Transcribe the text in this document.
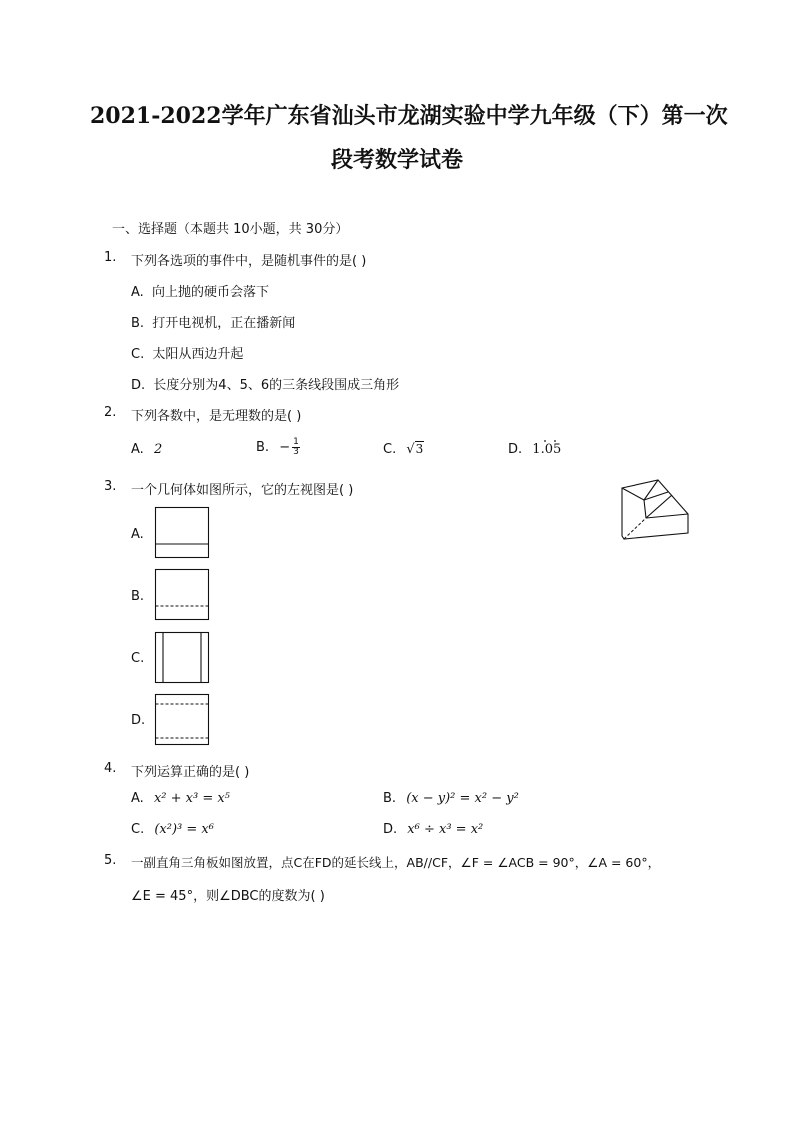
2021-2022学年广东省汕头市龙湖实验中学九年级（下）第一次
段考数学试卷
一、选择题（本题共 10小题，共 30分）
1. 下列各选项的事件中，是随机事件的是( )
A. 向上抛的硬币会落下
B. 打开电视机，正在播新闻
C. 太阳从西边升起
D. 长度分别为4、5、6的三条线段围成三角形
2. 下列各数中，是无理数的是( )
A. 2	B. − $\frac{1}{3}$	C. √3	D. 1.05
3. 一个几何体如图所示，它的左视图是( )
A.
B.
C.
D.
4. 下列运算正确的是( )
A. x² + x³ = x⁵	B. (x − y)² = x² − y²
C. (x²)³ = x⁶	D. x⁶ ÷ x³ = x²
5. 一副直角三角板如图放置，点C在FD的延长线上，AB//CF，∠F = ∠ACB = 90°，∠A = 60°，
∠E = 45°，则∠DBC的度数为( )
